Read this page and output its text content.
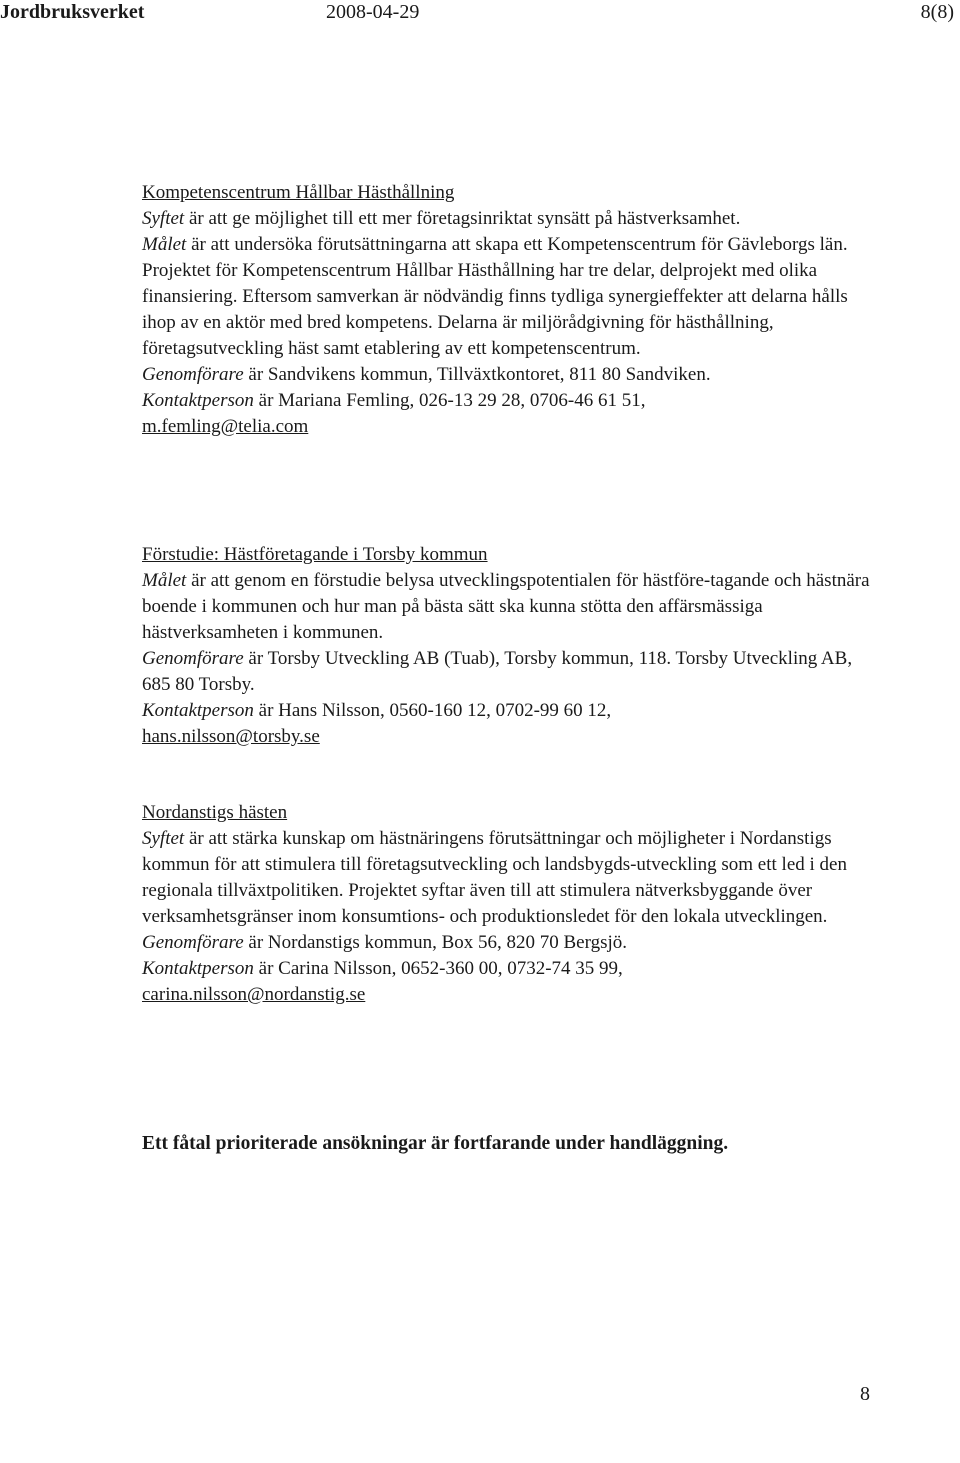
Jordbruksverket	2008-04-29	8(8)

Kompetenscentrum Hållbar Hästhållning

Syftet är att ge möjlighet till ett mer företagsinriktat synsätt på hästverksamhet.
Målet är att undersöka förutsättningarna att skapa ett Kompetenscentrum för Gävleborgs län. Projektet för Kompetenscentrum Hållbar Hästhållning har tre delar, delprojekt med olika finansiering. Eftersom samverkan är nödvändig finns tydliga synergieffekter att delarna hålls ihop av en aktör med bred kompetens. Delarna är miljörådgivning för hästhållning, företagsutveckling häst samt etablering av ett kompetenscentrum.
Genomförare är Sandvikens kommun, Tillväxtkontoret, 811 80 Sandviken.
Kontaktperson är Mariana Femling, 026-13 29 28, 0706-46 61 51,
m.femling@telia.com

Förstudie: Hästföretagande i Torsby kommun

Målet är att genom en förstudie belysa utvecklingspotentialen för hästföre-tagande och hästnära boende i kommunen och hur man på bästa sätt ska kunna stötta den affärsmässiga hästverksamheten i kommunen.
Genomförare är Torsby Utveckling AB (Tuab), Torsby kommun, 118. Torsby Utveckling AB, 685 80 Torsby.
Kontaktperson är Hans Nilsson, 0560-160 12, 0702-99 60 12,
hans.nilsson@torsby.se

Nordanstigs hästen

Syftet är att stärka kunskap om hästnäringens förutsättningar och möjligheter i Nordanstigs kommun för att stimulera till företagsutveckling och landsbygds-utveckling som ett led i den regionala tillväxtpolitiken. Projektet syftar även till att stimulera nätverksbyggande över verksamhetsgränser inom konsumtions- och produktionsledet för den lokala utvecklingen.
Genomförare är Nordanstigs kommun, Box 56, 820 70 Bergsjö.
Kontaktperson är Carina Nilsson, 0652-360 00, 0732-74 35 99,
carina.nilsson@nordanstig.se

Ett fåtal prioriterade ansökningar är fortfarande under handläggning.

8
